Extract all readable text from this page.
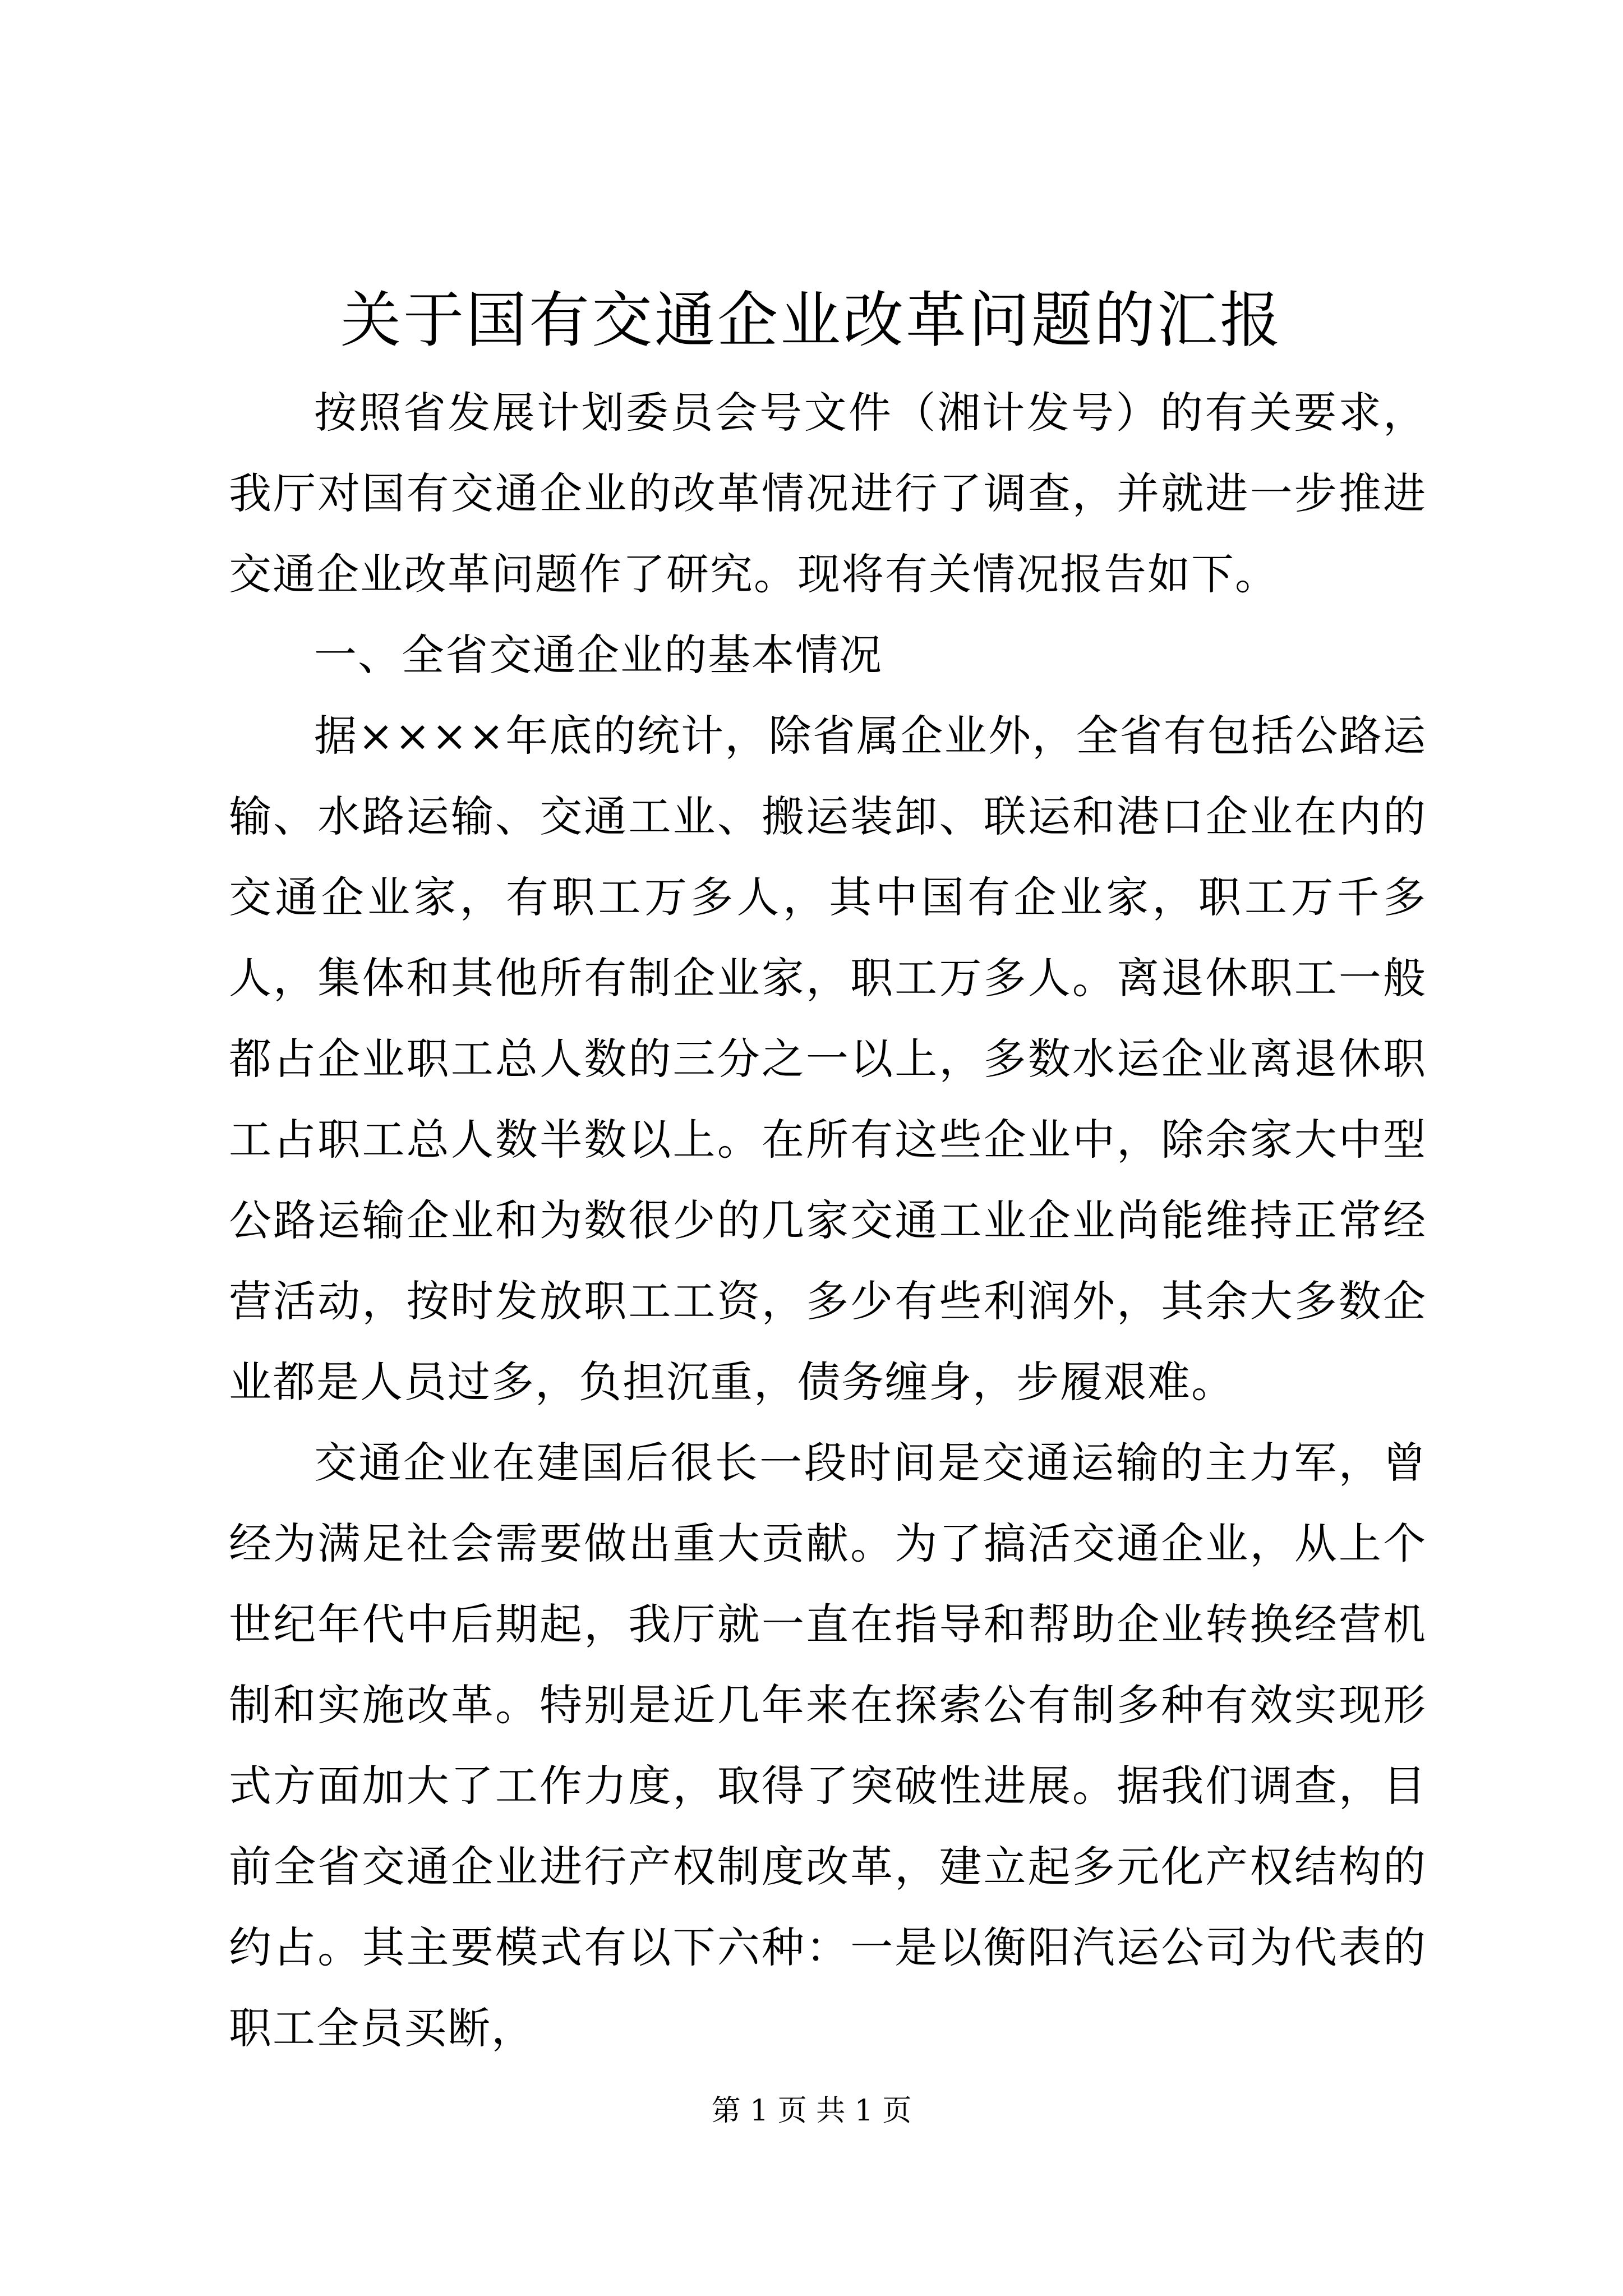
关于国有交通企业改革问题的汇报

按照省发展计划委员会号文件（湘计发号）的有关要求，我厅对国有交通企业的改革情况进行了调查，并就进一步推进交通企业改革问题作了研究。现将有关情况报告如下。

一、全省交通企业的基本情况

据××××年底的统计，除省属企业外，全省有包括公路运输、水路运输、交通工业、搬运装卸、联运和港口企业在内的交通企业家，有职工万多人，其中国有企业家，职工万千多人，集体和其他所有制企业家，职工万多人。离退休职工一般都占企业职工总人数的三分之一以上，多数水运企业离退休职工占职工总人数半数以上。在所有这些企业中，除余家大中型公路运输企业和为数很少的几家交通工业企业尚能维持正常经营活动，按时发放职工工资，多少有些利润外，其余大多数企业都是人员过多，负担沉重，债务缠身，步履艰难。

交通企业在建国后很长一段时间是交通运输的主力军，曾经为满足社会需要做出重大贡献。为了搞活交通企业，从上个世纪年代中后期起，我厅就一直在指导和帮助企业转换经营机制和实施改革。特别是近几年来在探索公有制多种有效实现形式方面加大了工作力度，取得了突破性进展。据我们调查，目前全省交通企业进行产权制度改革，建立起多元化产权结构的约占。其主要模式有以下六种：一是以衡阳汽运公司为代表的职工全员买断，

第 1 页 共 1 页
